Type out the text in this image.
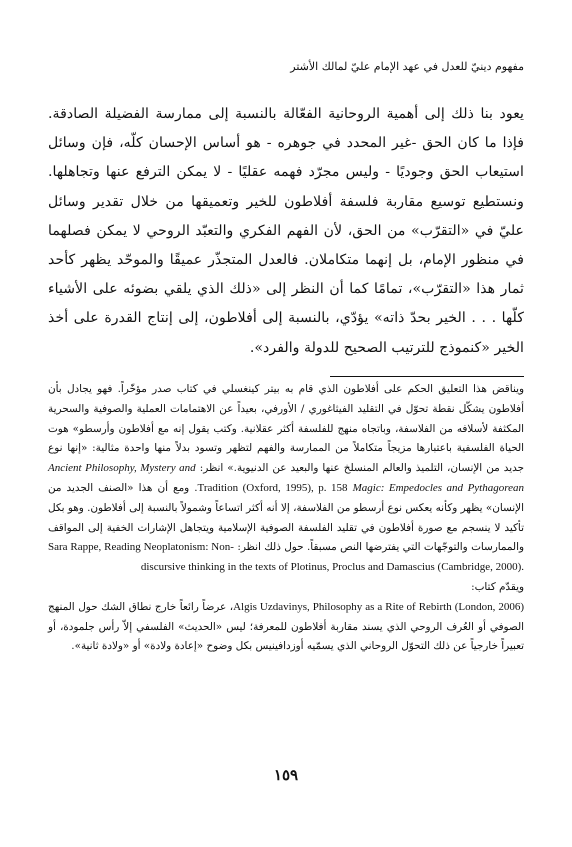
مفهوم دينيّ للعدل في عهد الإمام عليّ لمالك الأشتر

يعود بنا ذلك إلى أهمية الروحانية الفعّالة بالنسبة إلى ممارسة الفضيلة الصادقة. فإذا ما كان الحق -غير المحدد في جوهره - هو أساس الإحسان كلّه، فإن وسائل استيعاب الحق وجوديًا - وليس مجرّد فهمه عقليًا - لا يمكن الترفع عنها وتجاهلها. ونستطيع توسيع مقاربة فلسفة أفلاطون للخير وتعميقها من خلال تقدير وسائل عليّ في «التقرّب» من الحق، لأن الفهم الفكري والتعبّد الروحي لا يمكن فصلهما في منظور الإمام، بل إنهما متكاملان. فالعدل المتجذّر عميقًا والموحّد يظهر كأحد ثمار هذا «التقرّب»، تمامًا كما أن النظر إلى «ذلك الذي يلقي بضوئه على الأشياء كلّها . . . الخير بحدّ ذاته» يؤدّي، بالنسبة إلى أفلاطون، إلى إنتاج القدرة على أخذ الخير «كنموذج للترتيب الصحيح للدولة والفرد».

ويناقض هذا التعليق الحكم على أفلاطون الذي قام به بيتر كينغسلي في كتاب صدر مؤخّراً. فهو يجادل بأن أفلاطون يشكّل نقطة تحوّل في التقليد الفيثاغوري / الأورفي، بعيداً عن الاهتمامات العملية والصوفية والسحرية المكثفة لأسلافه من الفلاسفة، وباتجاه منهج للفلسفة أكثر عقلانية. وكتب يقول إنه مع أفلاطون وأرسطو» هوت الحياة الفلسفية باعتبارها مزيجاً متكاملاً من الممارسة والفهم لتظهر وتسود بدلاً منها واحدة مثالية: «إنها نوع جديد من الإنسان، التلميذ والعالم المنسلخ عنها والبعيد عن الدنيوية.» انظر: Ancient Philosophy, Mystery and Magic: Empedocles and Pythagorean Tradition (Oxford, 1995), p. 158. ومع أن هذا «الصنف الجديد من الإنسان» يظهر وكأنه يعكس نوع أرسطو من الفلاسفة، إلا أنه أكثر اتساعاً وشمولاً بالنسبة إلى أفلاطون. وهو بكل تأكيد لا ينسجم مع صورة أفلاطون في تقليد الفلسفة الصوفية الإسلامية ويتجاهل الإشارات الخفية إلى المواقف والممارسات والتوجّهات التي يفترضها النص مسبقاً. حول ذلك انظر: Sara Rappe, Reading Neoplatonism: Non-discursive thinking in the texts of Plotinus, Proclus and Damascius (Cambridge, 2000).

ويقدّم كتاب:

Algis Uzdavinys, Philosophy as a Rite of Rebirth (London, 2006)، عرضاً رائعاً خارج نطاق الشك حول المنهج الصوفي أو العُرف الروحي الذي يسند مقاربة أفلاطون للمعرفة؛ ليس «الحديث» الفلسفي إلاّ رأس جلمودة، أو تعبيراً خارجياً عن ذلك التحوّل الروحاني الذي يسمّيه أوزدافينيس بكل وضوح «إعادة ولادة» أو «ولادة ثانية».

١٥٩
